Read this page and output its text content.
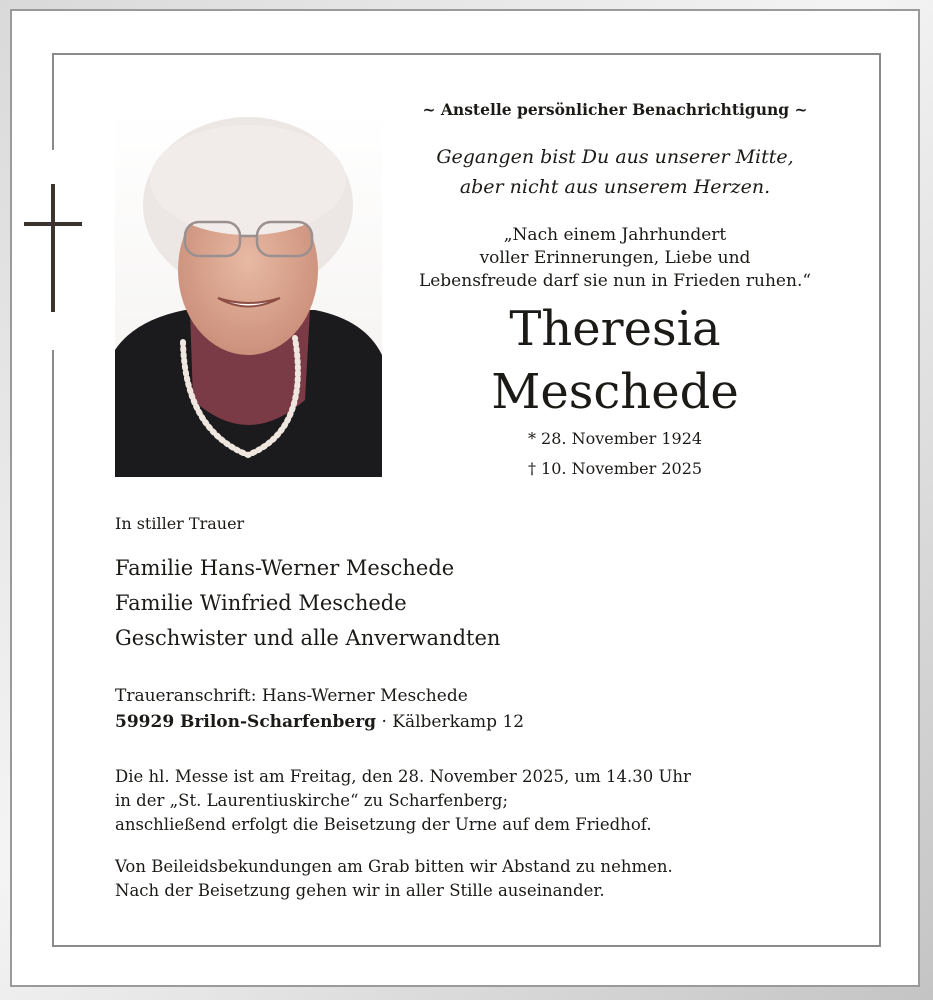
~ Anstelle persönlicher Benachrichtigung ~

Gegangen bist Du aus unserer Mitte,
aber nicht aus unserem Herzen.
„Nach einem Jahrhundert
voller Erinnerungen, Liebe und
Lebensfreude darf sie nun in Frieden ruhen.“

Theresia

Meschede

* 28. November 1924

† 10. November 2025

In stiller Trauer

Familie Hans-Werner Meschede

Familie Winfried Meschede

Geschwister und alle Anverwandten

Traueranschrift: Hans-Werner Meschede

59929 Brilon-Scharfenberg · Kälberkamp 12

Die hl. Messe ist am Freitag, den 28. November 2025, um 14.30 Uhr

in der „St. Laurentiuskirche“ zu Scharfenberg;

anschließend erfolgt die Beisetzung der Urne auf dem Friedhof.

Von Beileidsbekundungen am Grab bitten wir Abstand zu nehmen.

Nach der Beisetzung gehen wir in aller Stille auseinander.
